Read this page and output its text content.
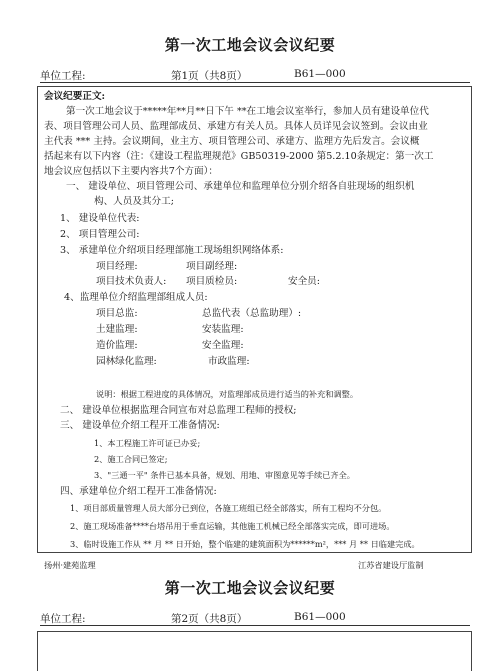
第一次工地会议会议纪要
单位工程:	第1页（共8页）	B61—000
会议纪要正文:
第一次工地会议于*****年**月**日下午 **在工地会议室举行，参加人员有建设单位代
表、项目管理公司人员、监理部成员、承建方有关人员。具体人员详见会议签到。会议由业
主代表 *** 主持。会议期间，业主方、项目管理公司、承建方、监理方先后发言。会议概
括起来有以下内容（注：《建设工程监理规范》GB50319-2000 第5.2.10条规定：第一次工
地会议应包括以下主要内容共7个方面）：
一、 建设单位、项目管理公司、承建单位和监理单位分别介绍各自驻现场的组织机
构、人员及其分工;
1、 建设单位代表:
2、 项目管理公司:
3、 承建单位介绍项目经理部施工现场组织网络体系:
项目经理:	项目副经理:
项目技术负责人: 项目质检员:	安全员:
4、监理单位介绍监理部组成人员:
项目总监:	总监代表（总监助理）:
土建监理:	安装监理:
造价监理:	安全监理:
园林绿化监理:	市政监理:
说明：根据工程进度的具体情况，对监理部成员进行适当的补充和调整。
二、 建设单位根据监理合同宣布对总监理工程师的授权;
三、 建设单位介绍工程开工准备情况:
1、本工程施工许可证已办妥;
2、施工合同已签定;
3、"三通一平" 条件已基本具备，规划、用地、审图意见等手续已齐全。
四、承建单位介绍工程开工准备情况:
1、项目部质量管理人员大部分已到位，各施工班组已经全部落实，所有工程均不分包。
2、施工现场准备****台塔吊用于垂直运输，其他施工机械已经全部落实完成，即可进场。
3、临时设施工作从 ** 月 ** 日开始，整个临建的建筑面积为******m²，*** 月 ** 日临建完成。
扬州·建苑监理	江苏省建设厅监制
第一次工地会议会议纪要
单位工程:	第2页（共8页）	B61—000
